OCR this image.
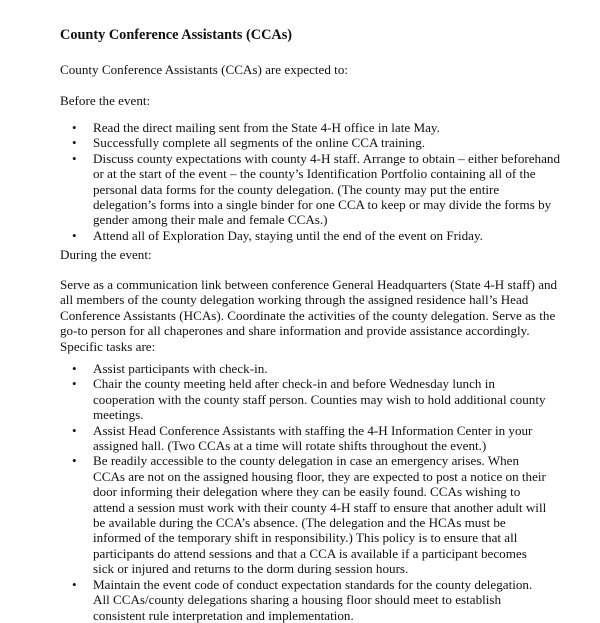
County Conference Assistants (CCAs)

County Conference Assistants (CCAs) are expected to:

Before the event:

• Read the direct mailing sent from the State 4-H office in late May.
• Successfully complete all segments of the online CCA training.
• Discuss county expectations with county 4-H staff. Arrange to obtain – either beforehand or at the start of the event – the county’s Identification Portfolio containing all of the personal data forms for the county delegation. (The county may put the entire delegation’s forms into a single binder for one CCA to keep or may divide the forms by gender among their male and female CCAs.)
• Attend all of Exploration Day, staying until the end of the event on Friday.

During the event:

Serve as a communication link between conference General Headquarters (State 4-H staff) and all members of the county delegation working through the assigned residence hall’s Head Conference Assistants (HCAs). Coordinate the activities of the county delegation. Serve as the go-to person for all chaperones and share information and provide assistance accordingly. Specific tasks are:

• Assist participants with check-in.
• Chair the county meeting held after check-in and before Wednesday lunch in cooperation with the county staff person. Counties may wish to hold additional county meetings.
• Assist Head Conference Assistants with staffing the 4-H Information Center in your assigned hall. (Two CCAs at a time will rotate shifts throughout the event.)
• Be readily accessible to the county delegation in case an emergency arises. When CCAs are not on the assigned housing floor, they are expected to post a notice on their door informing their delegation where they can be easily found. CCAs wishing to attend a session must work with their county 4-H staff to ensure that another adult will be available during the CCA’s absence. (The delegation and the HCAs must be informed of the temporary shift in responsibility.) This policy is to ensure that all participants do attend sessions and that a CCA is available if a participant becomes sick or injured and returns to the dorm during session hours.
• Maintain the event code of conduct expectation standards for the county delegation. All CCAs/county delegations sharing a housing floor should meet to establish consistent rule interpretation and implementation.
